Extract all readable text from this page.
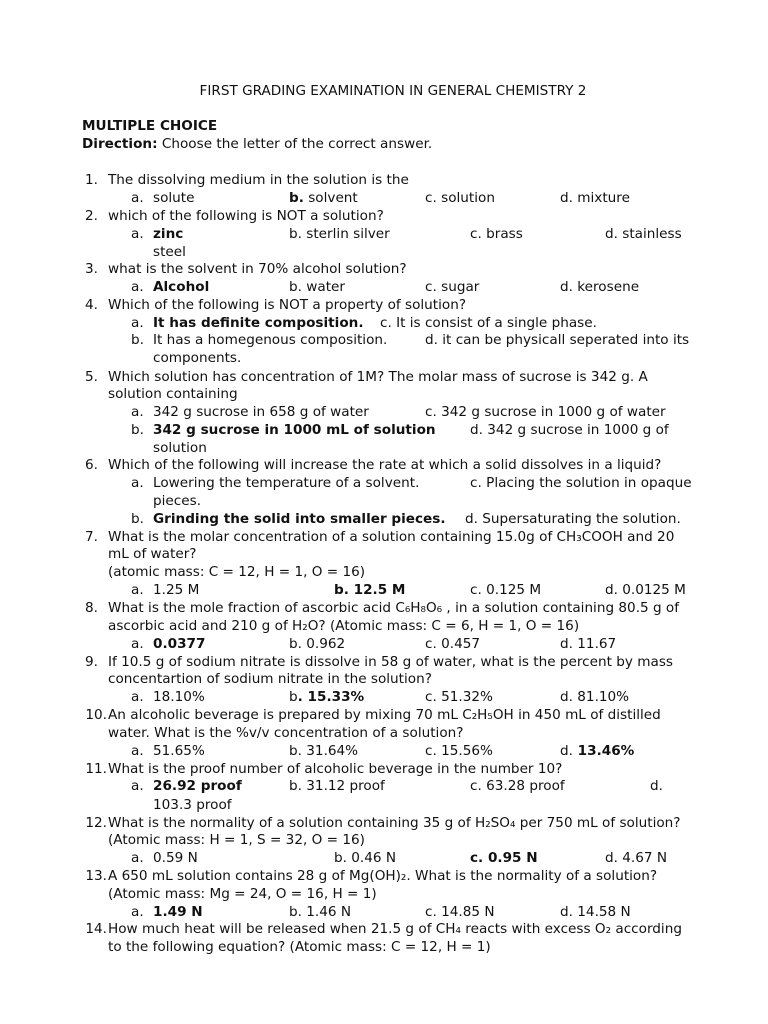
FIRST GRADING EXAMINATION IN GENERAL CHEMISTRY 2
MULTIPLE CHOICE
Direction: Choose the letter of the correct answer.
1. The dissolving medium in the solution is the
a. solute	b. solvent	c. solution	d. mixture
2. which of the following is NOT a solution?
a. zinc	b. sterlin silver	c. brass	d. stainless
steel
3. what is the solvent in 70% alcohol solution?
a. Alcohol	b. water	c. sugar	d. kerosene
4. Which of the following is NOT a property of solution?
a. It has definite composition. c. It is consist of a single phase.
b. It has a homegenous composition.	d. it can be physicall seperated into its
components.
5. Which solution has concentration of 1M? The molar mass of sucrose is 342 g. A
solution containing
a. 342 g sucrose in 658 g of water	c. 342 g sucrose in 1000 g of water
b. 342 g sucrose in 1000 mL of solution	d. 342 g sucrose in 1000 g of
solution
6. Which of the following will increase the rate at which a solid dissolves in a liquid?
a. Lowering the temperature of a solvent.	c. Placing the solution in opaque
pieces.
b. Grinding the solid into smaller pieces. d. Supersaturating the solution.
7. What is the molar concentration of a solution containing 15.0g of CH₃COOH and 20
mL of water?
(atomic mass: C = 12, H = 1, O = 16)
a. 1.25 M	b. 12.5 M	c. 0.125 M	d. 0.0125 M
8. What is the mole fraction of ascorbic acid C₆H₈O₆ , in a solution containing 80.5 g of
ascorbic acid and 210 g of H₂O? (Atomic mass: C = 6, H = 1, O = 16)
a. 0.0377	b. 0.962	c. 0.457	d. 11.67
9. If 10.5 g of sodium nitrate is dissolve in 58 g of water, what is the percent by mass
concentartion of sodium nitrate in the solution?
a. 18.10%	b. 15.33%	c. 51.32%	d. 81.10%
10. An alcoholic beverage is prepared by mixing 70 mL C₂H₅OH in 450 mL of distilled
water. What is the %v/v concentration of a solution?
a. 51.65%	b. 31.64%	c. 15.56%	d. 13.46%
11. What is the proof number of alcoholic beverage in the number 10?
a. 26.92 proof	b. 31.12 proof	c. 63.28 proof	d.
103.3 proof
12. What is the normality of a solution containing 35 g of H₂SO₄ per 750 mL of solution?
(Atomic mass: H = 1, S = 32, O = 16)
a. 0.59 N	b. 0.46 N	c. 0.95 N	d. 4.67 N
13. A 650 mL solution contains 28 g of Mg(OH)₂. What is the normality of a solution?
(Atomic mass: Mg = 24, O = 16, H = 1)
a. 1.49 N	b. 1.46 N	c. 14.85 N	d. 14.58 N
14. How much heat will be released when 21.5 g of CH₄ reacts with excess O₂ according
to the following equation? (Atomic mass: C = 12, H = 1)
